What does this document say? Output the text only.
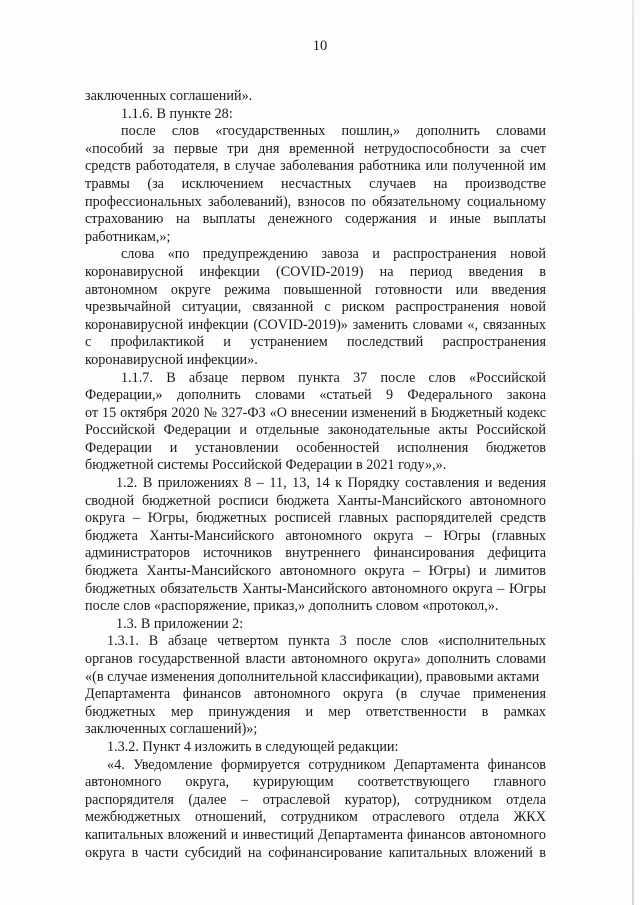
10

заключенных соглашений».

1.1.6. В пункте 28:

после слов «государственных пошлин,» дополнить словами
«пособий за первые три дня временной нетрудоспособности за счет
средств работодателя, в случае заболевания работника или полученной им
травмы (за исключением несчастных случаев на производстве
профессиональных заболеваний), взносов по обязательному социальному
страхованию на выплаты денежного содержания и иные выплаты
работникам,»;

слова «по предупреждению завоза и распространения новой
коронавирусной инфекции (COVID-2019) на период введения в
автономном округе режима повышенной готовности или введения
чрезвычайной ситуации, связанной с риском распространения новой
коронавирусной инфекции (COVID-2019)» заменить словами «, связанных
с профилактикой и устранением последствий распространения
коронавирусной инфекции».

1.1.7. В абзаце первом пункта 37 после слов «Российской
Федерации,» дополнить словами «статьей 9 Федерального закона
от 15 октября 2020 № 327-ФЗ «О внесении изменений в Бюджетный кодекс
Российской Федерации и отдельные законодательные акты Российской
Федерации и установлении особенностей исполнения бюджетов
бюджетной системы Российской Федерации в 2021 году»,».

1.2. В приложениях 8 – 11, 13, 14 к Порядку составления и ведения
сводной бюджетной росписи бюджета Ханты-Мансийского автономного
округа – Югры, бюджетных росписей главных распорядителей средств
бюджета Ханты-Мансийского автономного округа – Югры (главных
администраторов источников внутреннего финансирования дефицита
бюджета Ханты-Мансийского автономного округа – Югры) и лимитов
бюджетных обязательств Ханты-Мансийского автономного округа – Югры
после слов «распоряжение, приказ,» дополнить словом «протокол,».

1.3. В приложении 2:

1.3.1. В абзаце четвертом пункта 3 после слов «исполнительных
органов государственной власти автономного округа» дополнить словами
«(в случае изменения дополнительной классификации), правовыми актами
Департамента финансов автономного округа (в случае применения
бюджетных мер принуждения и мер ответственности в рамках
заключенных соглашений)»;

1.3.2. Пункт 4 изложить в следующей редакции:

«4. Уведомление формируется сотрудником Департамента финансов
автономного округа, курирующим соответствующего главного
распорядителя (далее – отраслевой куратор), сотрудником отдела
межбюджетных отношений, сотрудником отраслевого отдела ЖКХ
капитальных вложений и инвестиций Департамента финансов автономного
округа в части субсидий на софинансирование капитальных вложений в
